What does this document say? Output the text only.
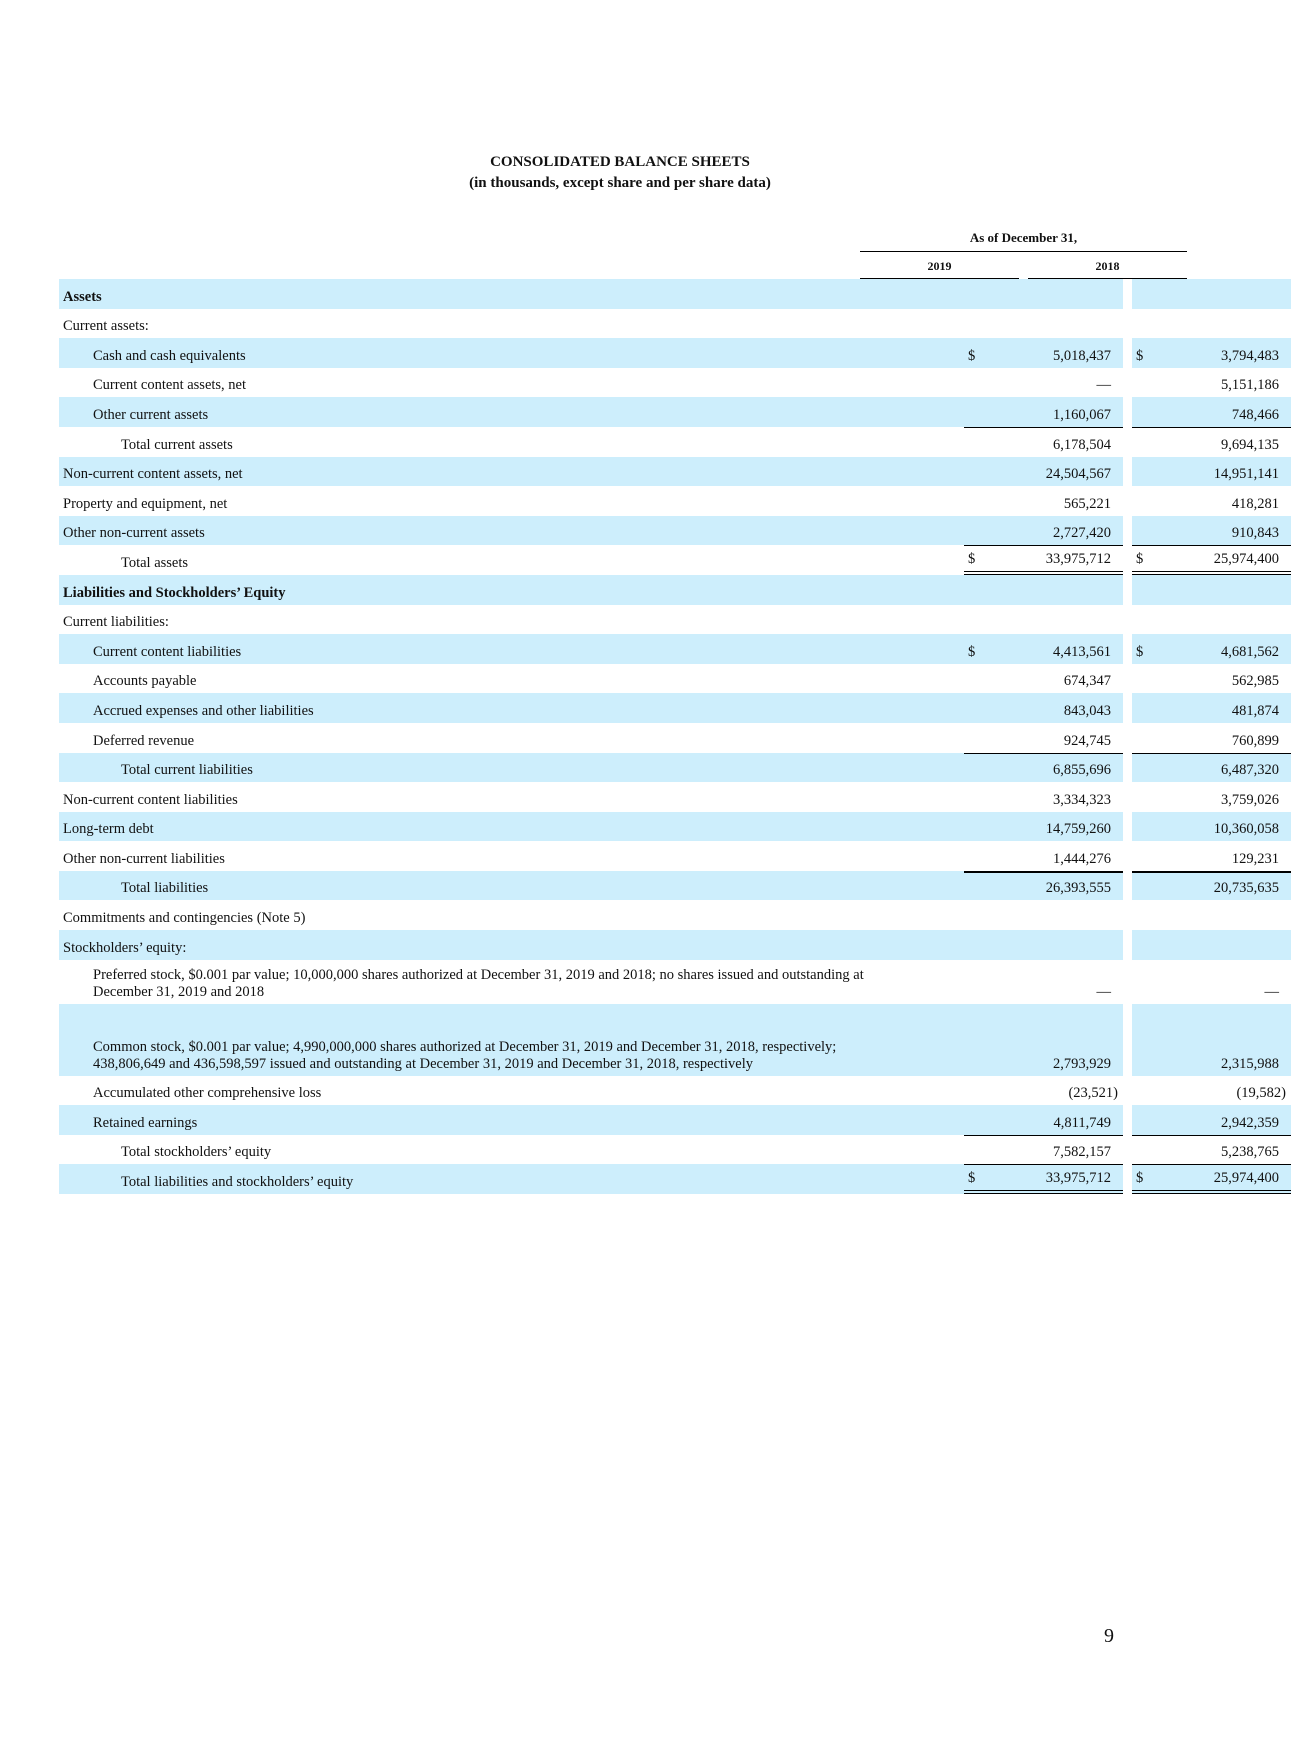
CONSOLIDATED BALANCE SHEETS
(in thousands, except share and per share data)
As of December 31,
2019	2018
Assets	

Current assets:	

Cash and cash equivalents	$ 5,018,437		$ 3,794,483

Current content assets, net	—		5,151,186

Other current assets	1,160,067		748,466

Total current assets	6,178,504		9,694,135

Non-current content assets, net	24,504,567		14,951,141

Property and equipment, net	565,221		418,281

Other non-current assets	2,727,420		910,843

Total assets	$ 33,975,712		$ 25,974,400

Liabilities and Stockholders’ Equity	

Current liabilities:	

Current content liabilities	$ 4,413,561		$ 4,681,562

Accounts payable	674,347		562,985

Accrued expenses and other liabilities	843,043		481,874

Deferred revenue	924,745		760,899

Total current liabilities	6,855,696		6,487,320

Non-current content liabilities	3,334,323		3,759,026

Long-term debt	14,759,260		10,360,058

Other non-current liabilities	1,444,276		129,231

Total liabilities	26,393,555		20,735,635

Commitments and contingencies (Note 5)	

Stockholders’ equity:	

Preferred stock, $0.001 par value; 10,000,000 shares authorized at December 31, 2019 and 2018; no shares issued and outstanding at December 31, 2019 and 2018	—		—

Common stock, $0.001 par value; 4,990,000,000 shares authorized at December 31, 2019 and December 31, 2018, respectively; 438,806,649 and 436,598,597 issued and outstanding at December 31, 2019 and December 31, 2018, respectively	2,793,929		2,315,988

Accumulated other comprehensive loss	(23,521)		(19,582)

Retained earnings	4,811,749		2,942,359

Total stockholders’ equity	7,582,157		5,238,765

Total liabilities and stockholders’ equity	$ 33,975,712		$ 25,974,400
9
